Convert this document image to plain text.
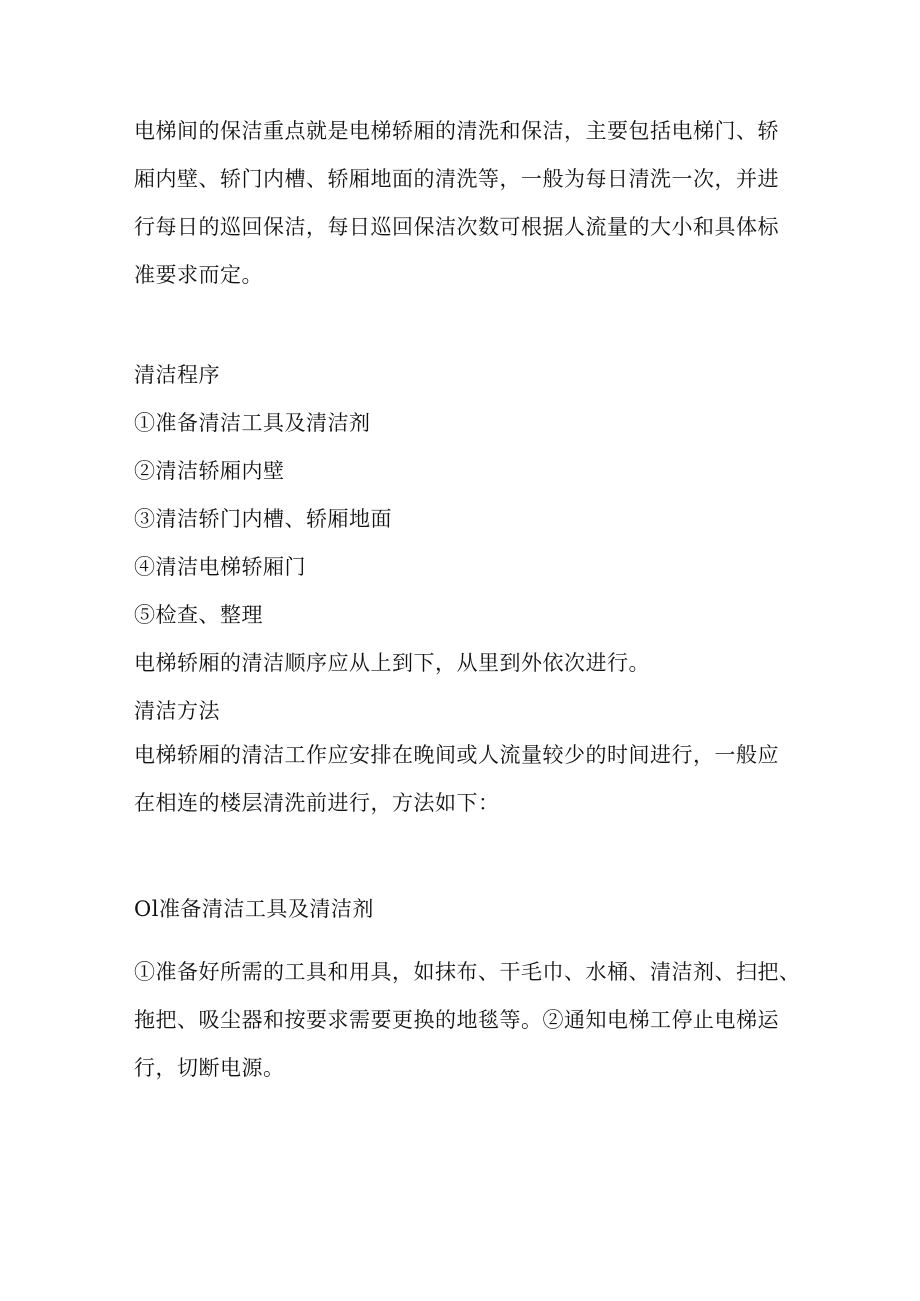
电梯间的保洁重点就是电梯轿厢的清洗和保洁，主要包括电梯门、轿
厢内壁、轿门内槽、轿厢地面的清洗等，一般为每日清洗一次，并进
行每日的巡回保洁，每日巡回保洁次数可根据人流量的大小和具体标
准要求而定。
清洁程序
①准备清洁工具及清洁剂
②清洁轿厢内壁
③清洁轿门内槽、轿厢地面
④清洁电梯轿厢门
⑤检查、整理
电梯轿厢的清洁顺序应从上到下，从里到外依次进行。
清洁方法
电梯轿厢的清洁工作应安排在晚间或人流量较少的时间进行，一般应
在相连的楼层清洗前进行，方法如下：
Ol准备清洁工具及清洁剂
①准备好所需的工具和用具，如抹布、干毛巾、水桶、清洁剂、扫把、
拖把、吸尘器和按要求需要更换的地毯等。②通知电梯工停止电梯运
行，切断电源。
